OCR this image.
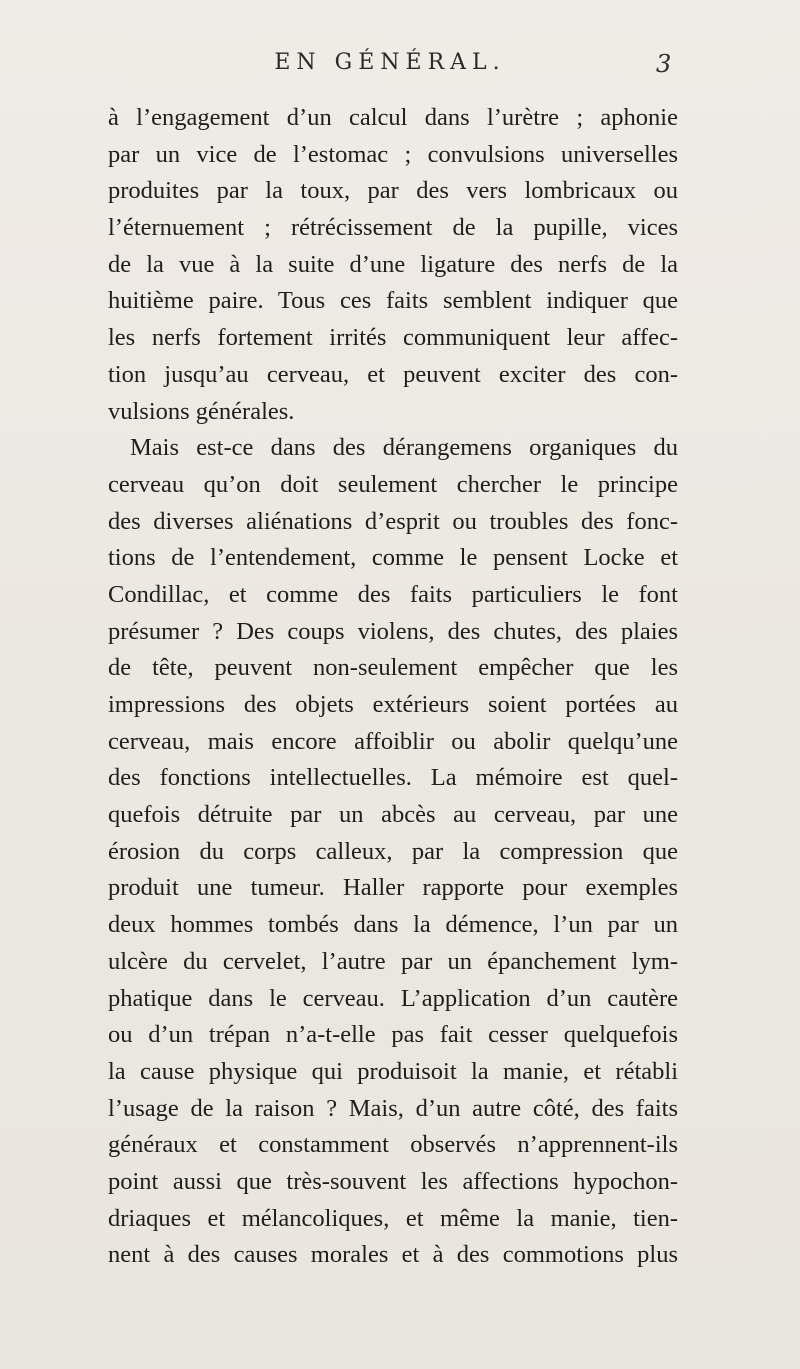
EN GÉNÉRAL.	3
à l’engagement d’un calcul dans l’urètre ; aphonie
par un vice de l’estomac ; convulsions universelles
produites par la toux, par des vers lombricaux ou
l’éternuement ; rétrécissement de la pupille, vices
de la vue à la suite d’une ligature des nerfs de la
huitième paire. Tous ces faits semblent indiquer que
les nerfs fortement irrités communiquent leur affec-
tion jusqu’au cerveau, et peuvent exciter des con-
vulsions générales.
Mais est-ce dans des dérangemens organiques du
cerveau qu’on doit seulement chercher le principe
des diverses aliénations d’esprit ou troubles des fonc-
tions de l’entendement, comme le pensent Locke et
Condillac, et comme des faits particuliers le font
présumer ? Des coups violens, des chutes, des plaies
de tête, peuvent non-seulement empêcher que les
impressions des objets extérieurs soient portées au
cerveau, mais encore affoiblir ou abolir quelqu’une
des fonctions intellectuelles. La mémoire est quel-
quefois détruite par un abcès au cerveau, par une
érosion du corps calleux, par la compression que
produit une tumeur. Haller rapporte pour exemples
deux hommes tombés dans la démence, l’un par un
ulcère du cervelet, l’autre par un épanchement lym-
phatique dans le cerveau. L’application d’un cautère
ou d’un trépan n’a-t-elle pas fait cesser quelquefois
la cause physique qui produisoit la manie, et rétabli
l’usage de la raison ? Mais, d’un autre côté, des faits
généraux et constamment observés n’apprennent-ils
point aussi que très-souvent les affections hypochon-
driaques et mélancoliques, et même la manie, tien-
nent à des causes morales et à des commotions plus
